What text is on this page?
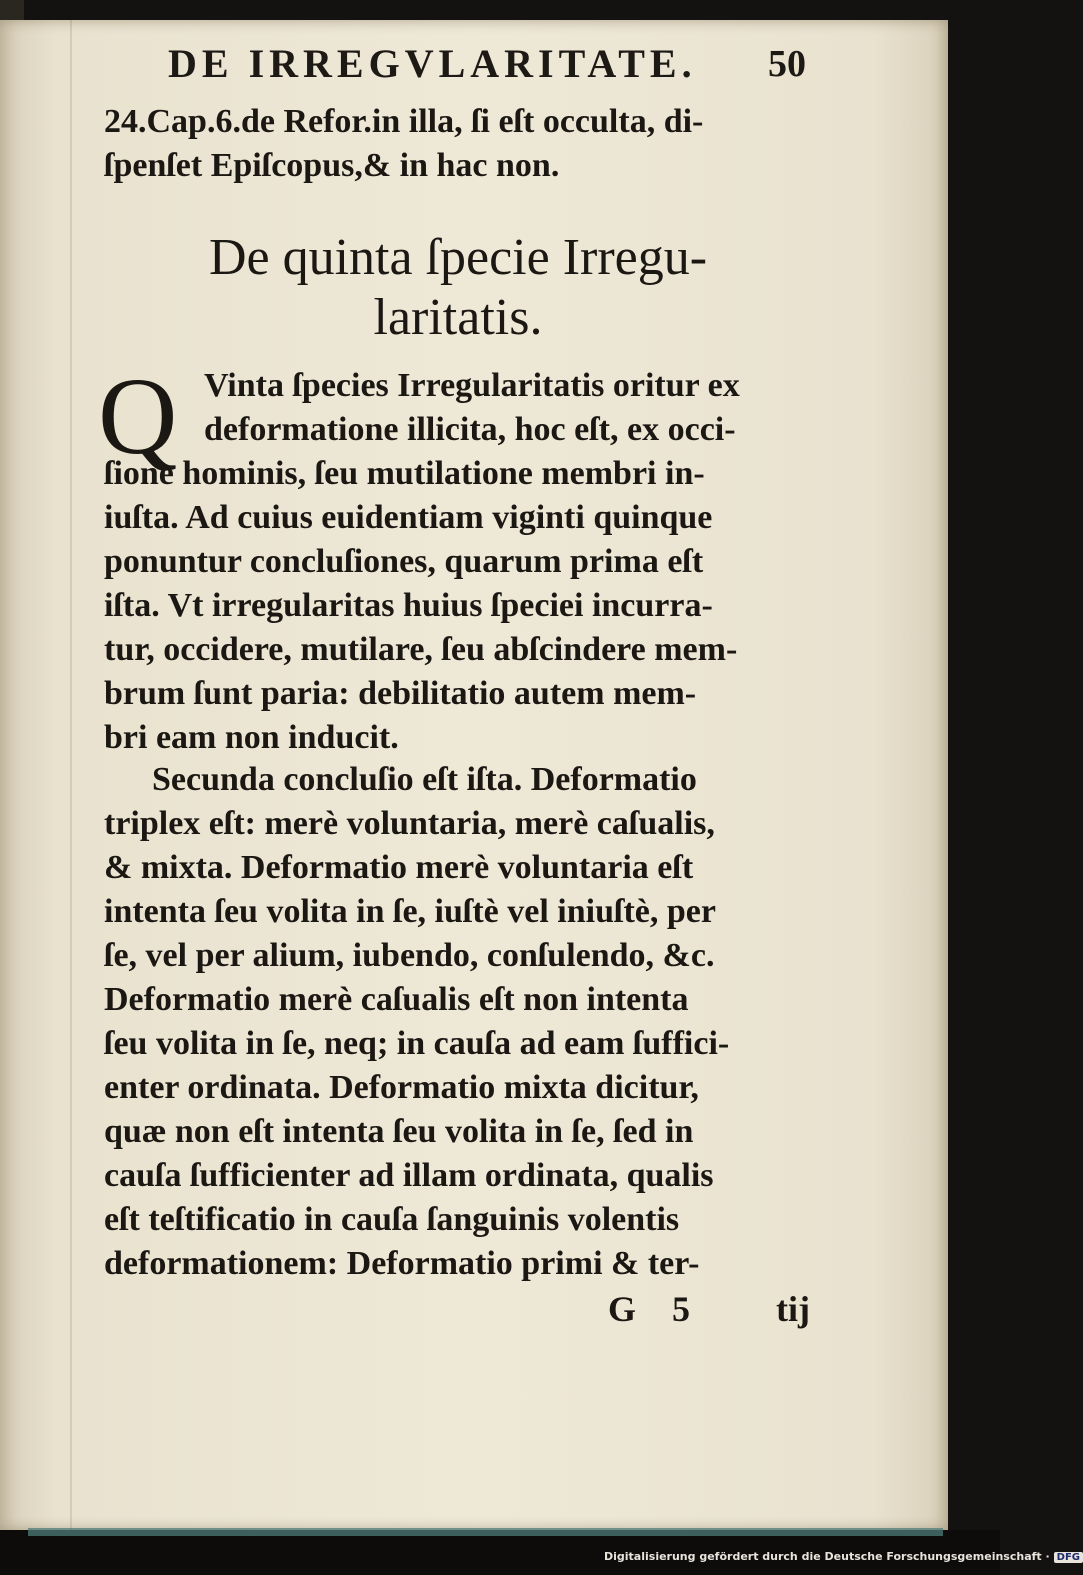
DE IRREGVLARITATE.	50
24.Cap.6.de Refor.in illa, ſi eſt occulta, di-
ſpenſet Epiſcopus,& in hac non.
De quinta ſpecie Irregu-
laritatis.
Q Vinta ſpecies Irregularitatis oritur ex
deformatione illicita, hoc eſt, ex occi-
ſione hominis, ſeu mutilatione membri in-
iuſta. Ad cuius euidentiam viginti quinque
ponuntur concluſiones, quarum prima eſt
iſta. Vt irregularitas huius ſpeciei incurra-
tur, occidere, mutilare, ſeu abſcindere mem-
brum ſunt paria: debilitatio autem mem-
bri eam non inducit.
Secunda concluſio eſt iſta. Deformatio
triplex eſt: merè voluntaria, merè caſualis,
& mixta. Deformatio merè voluntaria eſt
intenta ſeu volita in ſe, iuſtè vel iniuſtè, per
ſe, vel per alium, iubendo, conſulendo, &c.
Deformatio merè caſualis eſt non intenta
ſeu volita in ſe, neq; in cauſa ad eam ſuffici-
enter ordinata. Deformatio mixta dicitur,
quæ non eſt intenta ſeu volita in ſe, ſed in
cauſa ſufficienter ad illam ordinata, qualis
eſt teſtificatio in cauſa ſanguinis volentis
deformationem: Deformatio primi & ter-
G 5 tij
Digitalisierung gefördert durch die Deutsche Forschungsgemeinschaft · DFG
